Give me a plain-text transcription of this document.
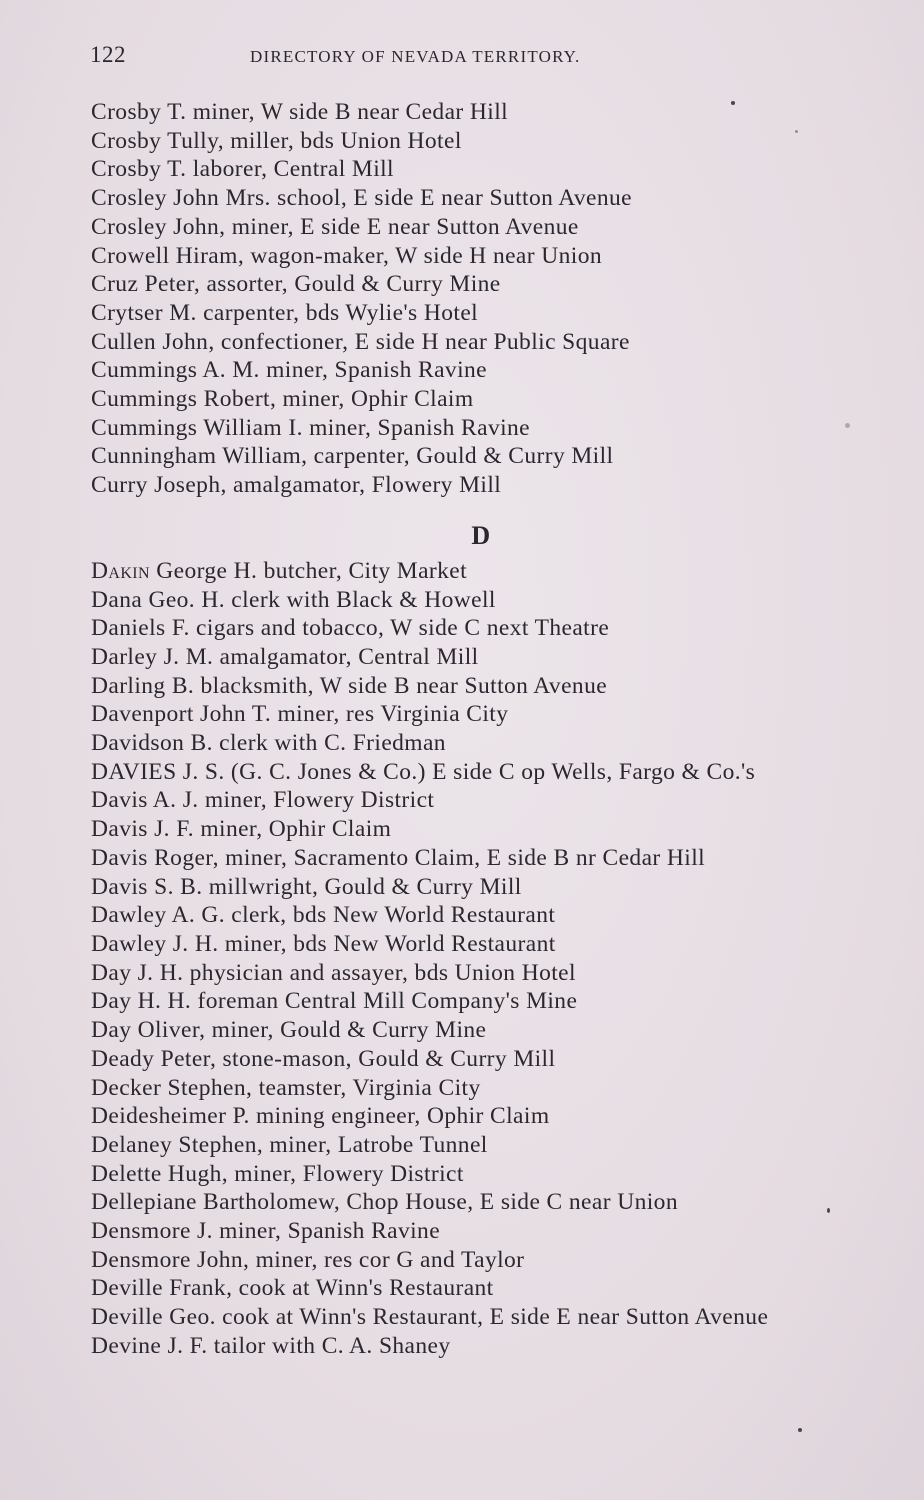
122	DIRECTORY OF NEVADA TERRITORY.
Crosby T. miner, W side B near Cedar Hill
Crosby Tully, miller, bds Union Hotel
Crosby T. laborer, Central Mill
Crosley John Mrs. school, E side E near Sutton Avenue
Crosley John, miner, E side E near Sutton Avenue
Crowell Hiram, wagon-maker, W side H near Union
Cruz Peter, assorter, Gould & Curry Mine
Crytser M. carpenter, bds Wylie's Hotel
Cullen John, confectioner, E side H near Public Square
Cummings A. M. miner, Spanish Ravine
Cummings Robert, miner, Ophir Claim
Cummings William I. miner, Spanish Ravine
Cunningham William, carpenter, Gould & Curry Mill
Curry Joseph, amalgamator, Flowery Mill
D
Dakin George H. butcher, City Market
Dana Geo. H. clerk with Black & Howell
Daniels F. cigars and tobacco, W side C next Theatre
Darley J. M. amalgamator, Central Mill
Darling B. blacksmith, W side B near Sutton Avenue
Davenport John T. miner, res Virginia City
Davidson B. clerk with C. Friedman
DAVIES J. S. (G. C. Jones & Co.) E side C op Wells, Fargo & Co.'s
Davis A. J. miner, Flowery District
Davis J. F. miner, Ophir Claim
Davis Roger, miner, Sacramento Claim, E side B nr Cedar Hill
Davis S. B. millwright, Gould & Curry Mill
Dawley A. G. clerk, bds New World Restaurant
Dawley J. H. miner, bds New World Restaurant
Day J. H. physician and assayer, bds Union Hotel
Day H. H. foreman Central Mill Company's Mine
Day Oliver, miner, Gould & Curry Mine
Deady Peter, stone-mason, Gould & Curry Mill
Decker Stephen, teamster, Virginia City
Deidesheimer P. mining engineer, Ophir Claim
Delaney Stephen, miner, Latrobe Tunnel
Delette Hugh, miner, Flowery District
Dellepiane Bartholomew, Chop House, E side C near Union
Densmore J. miner, Spanish Ravine
Densmore John, miner, res cor G and Taylor
Deville Frank, cook at Winn's Restaurant
Deville Geo. cook at Winn's Restaurant, E side E near Sutton Avenue
Devine J. F. tailor with C. A. Shaney
